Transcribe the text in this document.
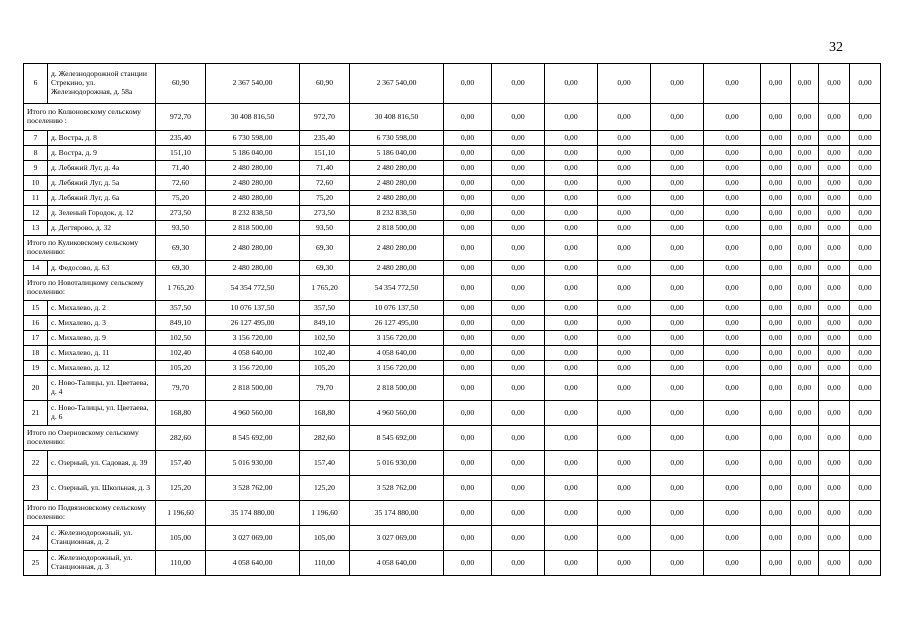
32
6	д. Железнодорожной станции Стрекино, ул. Железнодорожная, д. 58а	60,90	2 367 540,00	60,90	2 367 540,00	0,00	0,00	0,00	0,00	0,00	0,00	0,00	0,00	0,00	0,00
Итого по Колюновскому сельскому поселению :		972,70	30 408 816,50	972,70	30 408 816,50	0,00	0,00	0,00	0,00	0,00	0,00	0,00	0,00	0,00	0,00
7	д. Востра, д. 8	235,40	6 730 598,00	235,40	6 730 598,00	0,00	0,00	0,00	0,00	0,00	0,00	0,00	0,00	0,00	0,00
8	д. Востра, д. 9	151,10	5 186 040,00	151,10	5 186 040,00	0,00	0,00	0,00	0,00	0,00	0,00	0,00	0,00	0,00	0,00
9	д. Лебяжий Луг, д. 4а	71,40	2 480 280,00	71,40	2 480 280,00	0,00	0,00	0,00	0,00	0,00	0,00	0,00	0,00	0,00	0,00
10	д. Лебяжий Луг, д. 5а	72,60	2 480 280,00	72,60	2 480 280,00	0,00	0,00	0,00	0,00	0,00	0,00	0,00	0,00	0,00	0,00
11	д. Лебяжий Луг, д. 6а	75,20	2 480 280,00	75,20	2 480 280,00	0,00	0,00	0,00	0,00	0,00	0,00	0,00	0,00	0,00	0,00
12	д. Зеленый Городок, д. 12	273,50	8 232 838,50	273,50	8 232 838,50	0,00	0,00	0,00	0,00	0,00	0,00	0,00	0,00	0,00	0,00
13	д. Дегтярово, д. 32	93,50	2 818 500,00	93,50	2 818 500,00	0,00	0,00	0,00	0,00	0,00	0,00	0,00	0,00	0,00	0,00
Итого по Куликовскому сельскому поселению:		69,30	2 480 280,00	69,30	2 480 280,00	0,00	0,00	0,00	0,00	0,00	0,00	0,00	0,00	0,00	0,00
14	д. Федосово, д. 63	69,30	2 480 280,00	69,30	2 480 280,00	0,00	0,00	0,00	0,00	0,00	0,00	0,00	0,00	0,00	0,00
Итого по Новоталицкому сельскому поселению:		1 765,20	54 354 772,50	1 765,20	54 354 772,50	0,00	0,00	0,00	0,00	0,00	0,00	0,00	0,00	0,00	0,00
15	с. Михалево, д. 2	357,50	10 076 137,50	357,50	10 076 137,50	0,00	0,00	0,00	0,00	0,00	0,00	0,00	0,00	0,00	0,00
16	с. Михалево, д. 3	849,10	26 127 495,00	849,10	26 127 495,00	0,00	0,00	0,00	0,00	0,00	0,00	0,00	0,00	0,00	0,00
17	с. Михалево, д. 9	102,50	3 156 720,00	102,50	3 156 720,00	0,00	0,00	0,00	0,00	0,00	0,00	0,00	0,00	0,00	0,00
18	с. Михалево, д. 11	102,40	4 058 640,00	102,40	4 058 640,00	0,00	0,00	0,00	0,00	0,00	0,00	0,00	0,00	0,00	0,00
19	с. Михалево, д. 12	105,20	3 156 720,00	105,20	3 156 720,00	0,00	0,00	0,00	0,00	0,00	0,00	0,00	0,00	0,00	0,00
20	с. Ново-Талицы, ул. Цветаева, д. 4	79,70	2 818 500,00	79,70	2 818 500,00	0,00	0,00	0,00	0,00	0,00	0,00	0,00	0,00	0,00	0,00
21	с. Ново-Талицы, ул. Цветаева, д. 6	168,80	4 960 560,00	168,80	4 960 560,00	0,00	0,00	0,00	0,00	0,00	0,00	0,00	0,00	0,00	0,00
Итого по Озерновскому сельскому поселению:		282,60	8 545 692,00	282,60	8 545 692,00	0,00	0,00	0,00	0,00	0,00	0,00	0,00	0,00	0,00	0,00
22	с. Озерный, ул. Садовая, д. 39	157,40	5 016 930,00	157,40	5 016 930,00	0,00	0,00	0,00	0,00	0,00	0,00	0,00	0,00	0,00	0,00
23	с. Озерный, ул. Школьная, д. 3	125,20	3 528 762,00	125,20	3 528 762,00	0,00	0,00	0,00	0,00	0,00	0,00	0,00	0,00	0,00	0,00
Итого по Подвязновскому сельскому поселению:		1 196,60	35 174 880,00	1 196,60	35 174 880,00	0,00	0,00	0,00	0,00	0,00	0,00	0,00	0,00	0,00	0,00
24	с. Железнодорожный, ул. Станционная, д. 2	105,00	3 027 069,00	105,00	3 027 069,00	0,00	0,00	0,00	0,00	0,00	0,00	0,00	0,00	0,00	0,00
25	с. Железнодорожный, ул. Станционная, д. 3	110,00	4 058 640,00	110,00	4 058 640,00	0,00	0,00	0,00	0,00	0,00	0,00	0,00	0,00	0,00	0,00
